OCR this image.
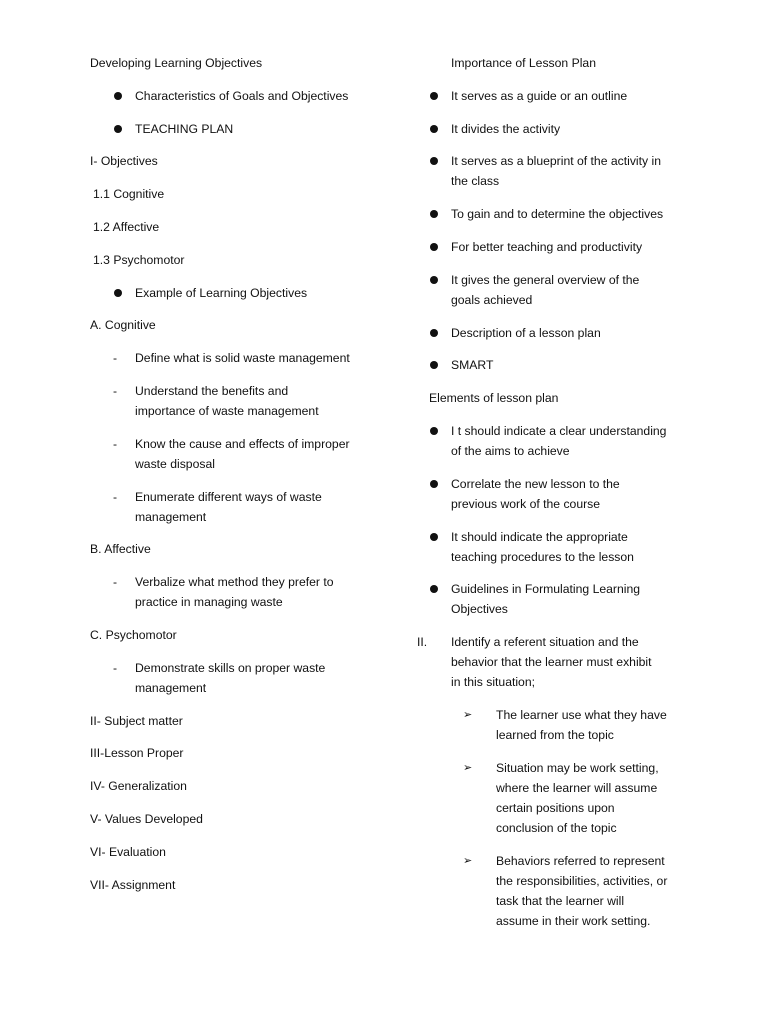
Developing Learning Objectives

Characteristics of Goals and Objectives

TEACHING PLAN

I- Objectives

1.1 Cognitive

1.2 Affective

1.3 Psychomotor

Example of Learning Objectives

A. Cognitive

- Define what is solid waste management

- Understand the benefits and

importance of waste management

- Know the cause and effects of improper

waste disposal

- Enumerate different ways of waste

management

B. Affective

- Verbalize what method they prefer to

practice in managing waste

C. Psychomotor

- Demonstrate skills on proper waste

management

II- Subject matter

III-Lesson Proper

IV- Generalization

V- Values Developed

VI- Evaluation

VII- Assignment

Importance of Lesson Plan

It serves as a guide or an outline

It divides the activity

It serves as a blueprint of the activity in

the class

To gain and to determine the objectives

For better teaching and productivity

It gives the general overview of the

goals achieved

Description of a lesson plan

SMART

Elements of lesson plan

I t should indicate a clear understanding

of the aims to achieve

Correlate the new lesson to the

previous work of the course

It should indicate the appropriate

teaching procedures to the lesson

Guidelines in Formulating Learning

Objectives

II. Identify a referent situation and the

behavior that the learner must exhibit

in this situation;

➢ The learner use what they have

learned from the topic

➢ Situation may be work setting,

where the learner will assume

certain positions upon

conclusion of the topic

➢ Behaviors referred to represent

the responsibilities, activities, or

task that the learner will

assume in their work setting.
